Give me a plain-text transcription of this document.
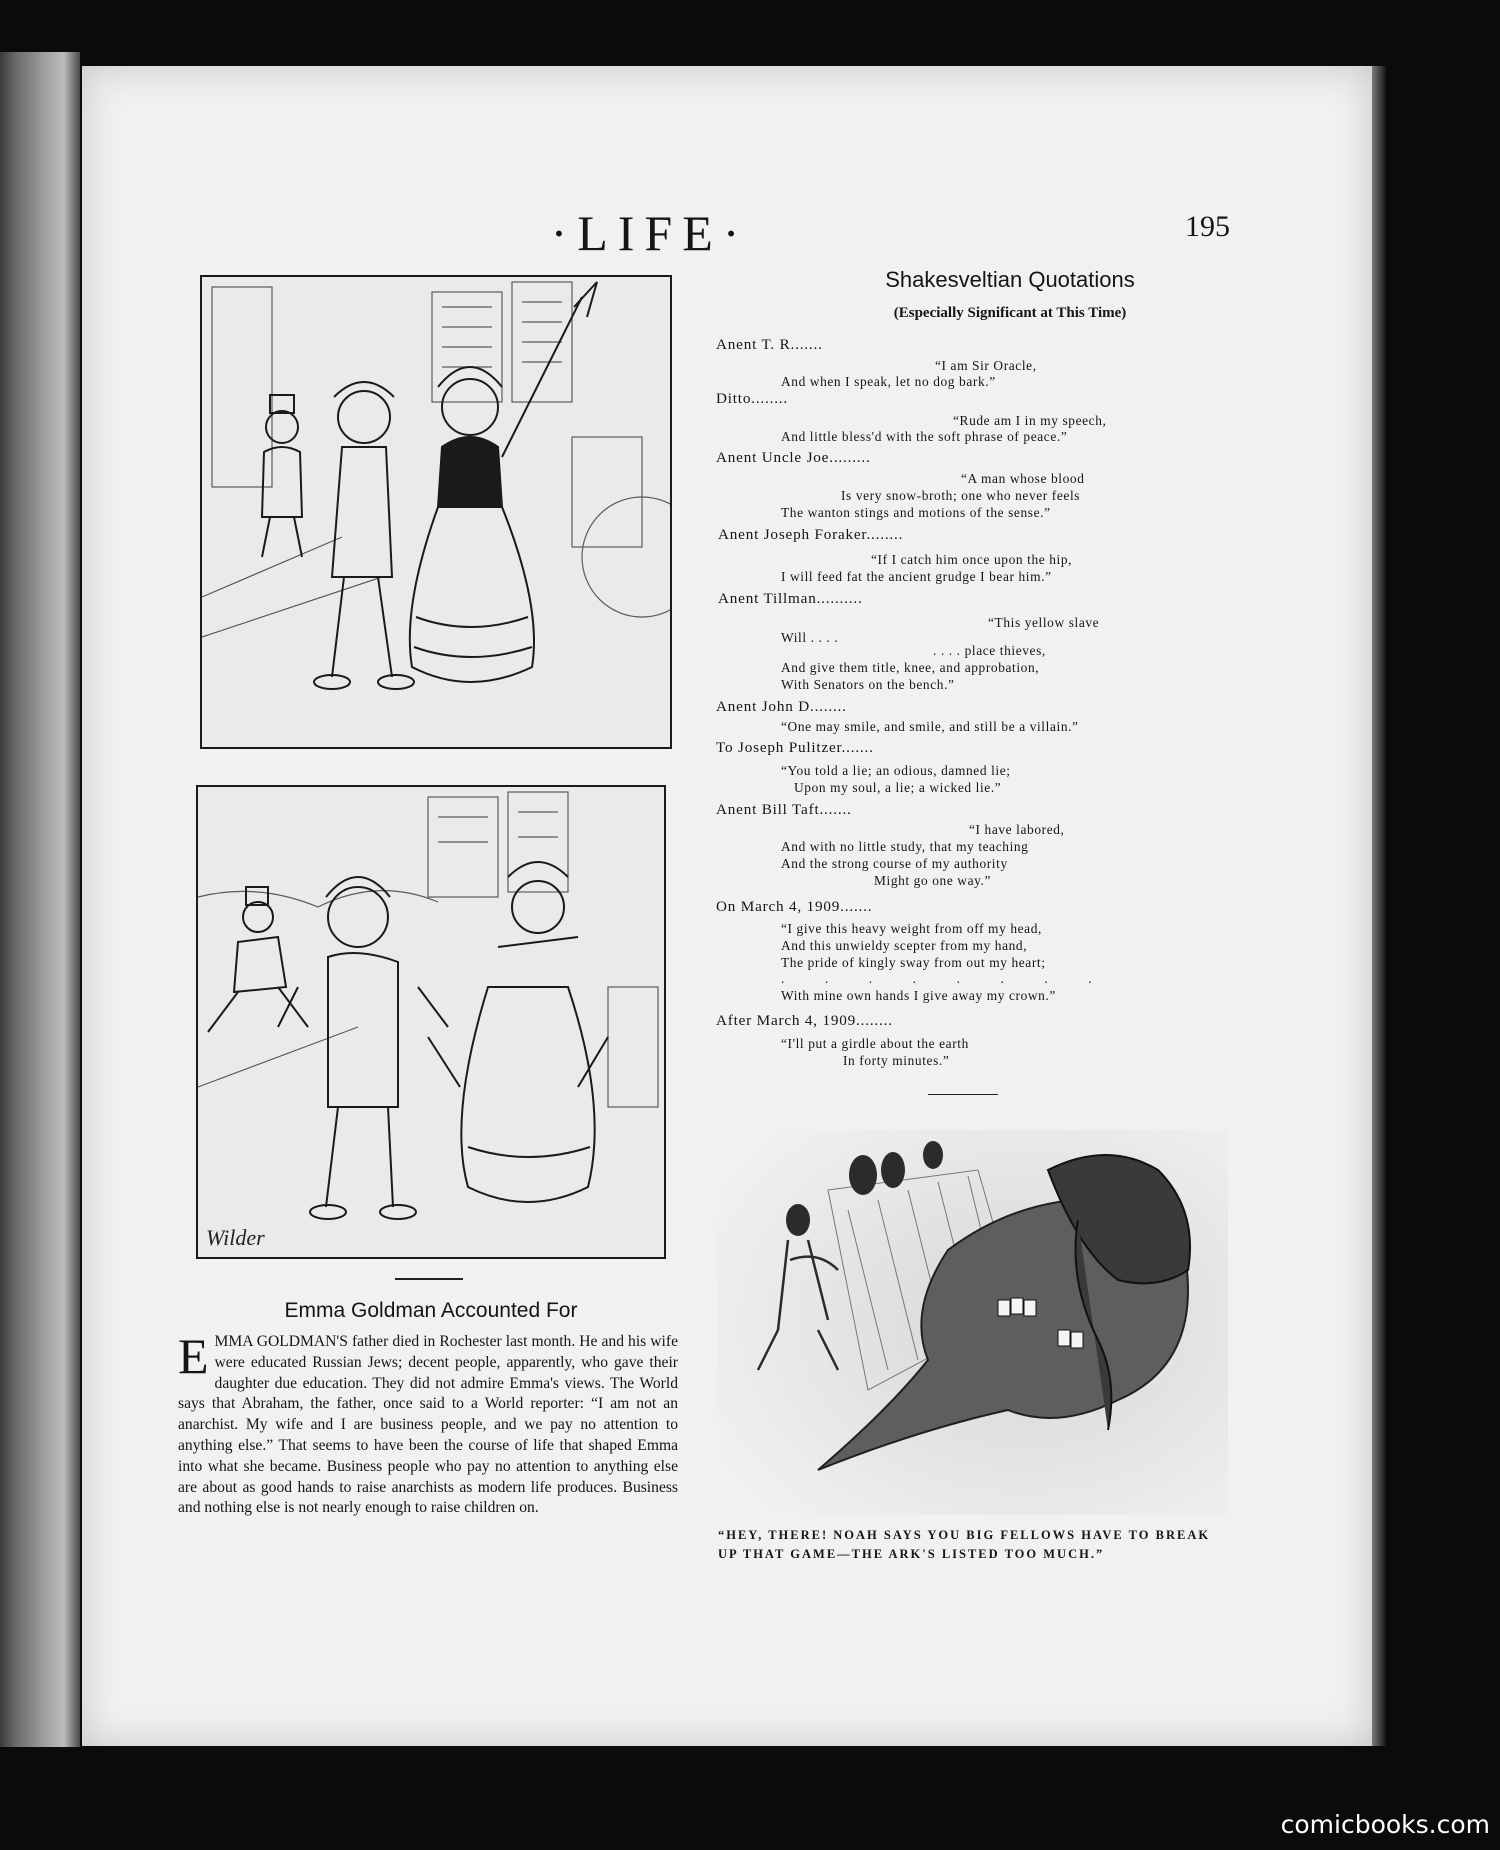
·LIFE·	195
Wilder
Emma Goldman Accounted For

EMMA GOLDMAN'S father died in Rochester last month. He and his wife were educated Russian Jews; decent people, apparently, who gave their daughter due education. They did not admire Emma's views. The World says that Abraham, the father, once said to a World reporter: “I am not an anarchist. My wife and I are business people, and we pay no attention to anything else.” That seems to have been the course of life that shaped Emma into what she became. Business people who pay no attention to anything else are about as good hands to raise anarchists as modern life produces. Business and nothing else is not nearly enough to raise children on.

Shakesveltian Quotations
(Especially Significant at This Time)
Anent T. R.......
“I am Sir Oracle,
And when I speak, let no dog bark.”
Ditto........
“Rude am I in my speech,
And little bless'd with the soft phrase of peace.”
Anent Uncle Joe.........
“A man whose blood
Is very snow-broth; one who never feels
The wanton stings and motions of the sense.”
Anent Joseph Foraker........
“If I catch him once upon the hip,
I will feed fat the ancient grudge I bear him.”
Anent Tillman..........
“This yellow slave
Will . . . .
. . . . place thieves,
And give them title, knee, and approbation,
With Senators on the bench.”
Anent John D........
“One may smile, and smile, and still be a villain.”
To Joseph Pulitzer.......
“You told a lie; an odious, damned lie;
Upon my soul, a lie; a wicked lie.”
Anent Bill Taft.......
“I have labored,
And with no little study, that my teaching
And the strong course of my authority
Might go one way.”
On March 4, 1909.......
“I give this heavy weight from off my head,
And this unwieldy scepter from my hand,
The pride of kingly sway from out my heart;
. . . . . . . .
With mine own hands I give away my crown.”
After March 4, 1909........
“I'll put a girdle about the earth
In forty minutes.”
“HEY, THERE! NOAH SAYS YOU BIG FELLOWS HAVE TO BREAK UP THAT GAME—THE ARK'S LISTED TOO MUCH.”
comicbooks.com
